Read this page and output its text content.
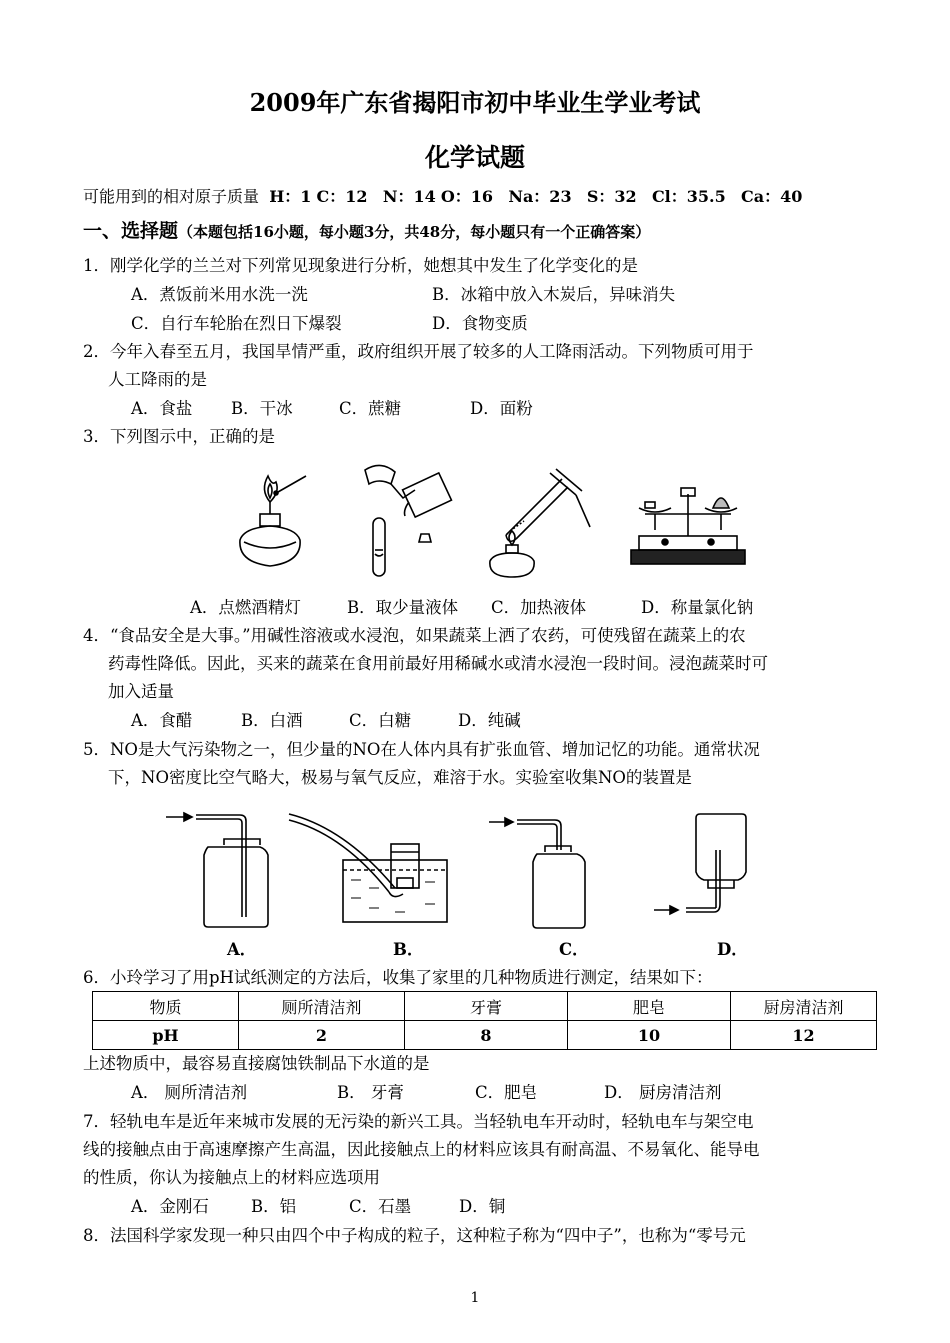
2009年广东省揭阳市初中毕业生学业考试
化学试题
可能用到的相对原子质量 H：1 C：12 N：14 O：16 Na：23 S：32 Cl：35.5 Ca：40
一、选择题（本题包括16小题，每小题3分，共48分，每小题只有一个正确答案）
1．刚学化学的兰兰对下列常见现象进行分析，她想其中发生了化学变化的是
A．煮饭前米用水洗一洗	B．冰箱中放入木炭后，异味消失
C．自行车轮胎在烈日下爆裂	D．食物变质
2．今年入春至五月，我国旱情严重，政府组织开展了较多的人工降雨活动。下列物质可用于
人工降雨的是
A．食盐 B．干冰	C．蔗糖	D．面粉
3．下列图示中，正确的是
A．点燃酒精灯	B．取少量液体 C．加热液体	D．称量氯化钠
4．“食品安全是大事。”用碱性溶液或水浸泡，如果蔬菜上洒了农药，可使残留在蔬菜上的农
药毒性降低。因此，买来的蔬菜在食用前最好用稀碱水或清水浸泡一段时间。浸泡蔬菜时可
加入适量
A．食醋	B．白酒	C．白糖	D．纯碱
5．NO是大气污染物之一，但少量的NO在人体内具有扩张血管、增加记忆的功能。通常状况
下，NO密度比空气略大，极易与氧气反应，难溶于水。实验室收集NO的装置是
A．	B．	C．	D．
6．小玲学习了用pH试纸测定的方法后，收集了家里的几种物质进行测定，结果如下：
物质	厕所清洁剂	牙膏	肥皂	厨房清洁剂
pH	2	8	10	12
上述物质中，最容易直接腐蚀铁制品下水道的是
A． 厕所清洁剂	B． 牙膏	C．肥皂	D． 厨房清洁剂
7．轻轨电车是近年来城市发展的无污染的新兴工具。当轻轨电车开动时，轻轨电车与架空电
线的接触点由于高速摩擦产生高温，因此接触点上的材料应该具有耐高温、不易氧化、能导电
的性质，你认为接触点上的材料应选项用
A．金刚石	B．铝	C．石墨	D．铜
8．法国科学家发现一种只由四个中子构成的粒子，这种粒子称为“四中子”，也称为“零号元
1
